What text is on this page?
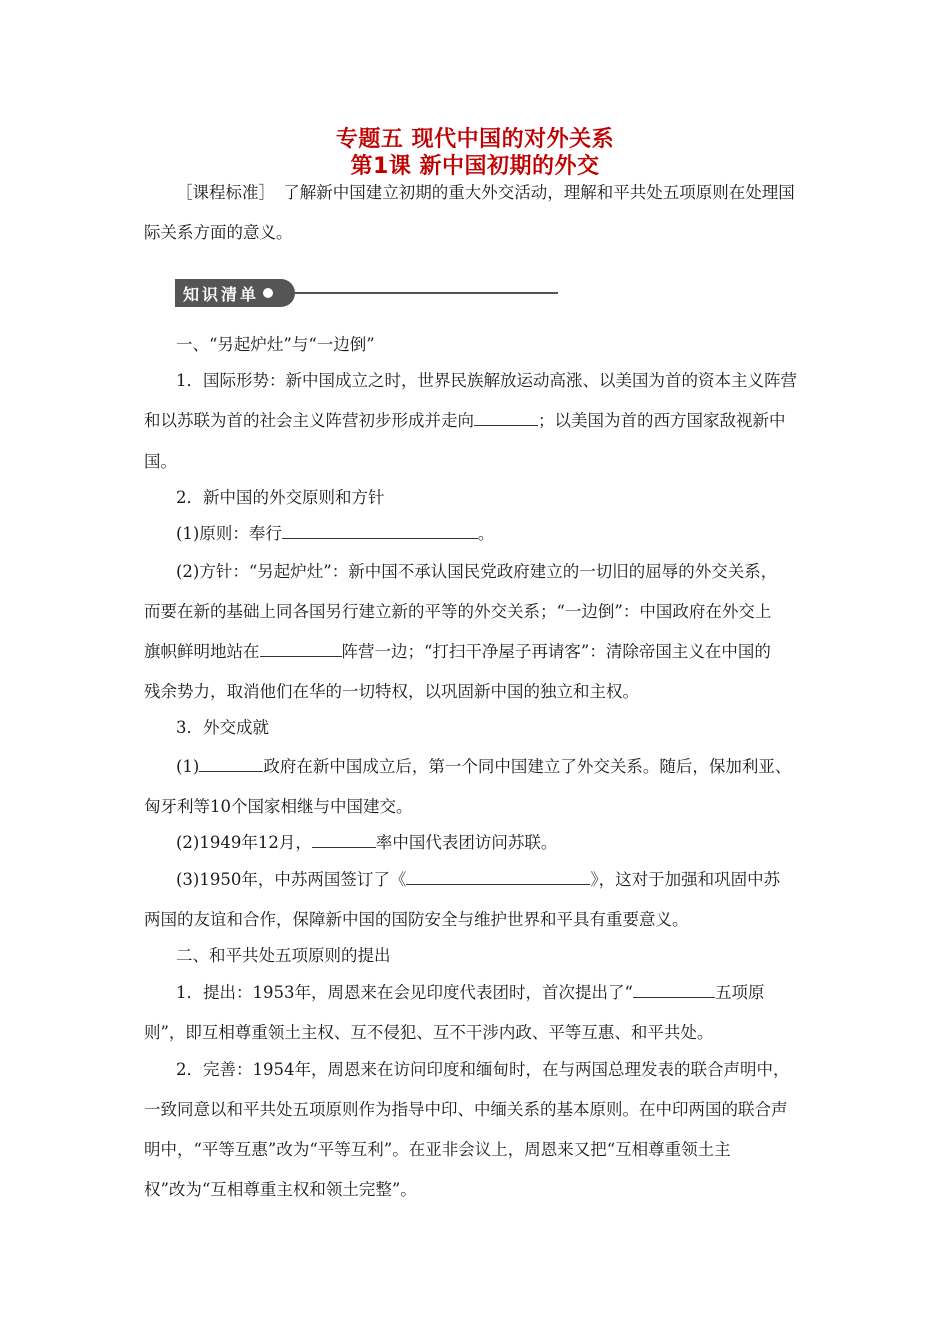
专题五 现代中国的对外关系
第1课 新中国初期的外交
［课程标准］　了解新中国建立初期的重大外交活动，理解和平共处五项原则在处理国
际关系方面的意义。
知识清单
一、“另起炉灶”与“一边倒”
1．国际形势：新中国成立之时，世界民族解放运动高涨、以美国为首的资本主义阵营
和以苏联为首的社会主义阵营初步形成并走向	；以美国为首的西方国家敌视新中
国。
2．新中国的外交原则和方针
(1)原则：奉行	。
(2)方针：“另起炉灶”：新中国不承认国民党政府建立的一切旧的屈辱的外交关系，
而要在新的基础上同各国另行建立新的平等的外交关系；“一边倒”：中国政府在外交上
旗帜鲜明地站在	阵营一边；“打扫干净屋子再请客”：清除帝国主义在中国的
残余势力，取消他们在华的一切特权，以巩固新中国的独立和主权。
3．外交成就
(1)	政府在新中国成立后，第一个同中国建立了外交关系。随后，保加利亚、
匈牙利等10个国家相继与中国建交。
(2)1949年12月，	率中国代表团访问苏联。
(3)1950年，中苏两国签订了《	》，这对于加强和巩固中苏
两国的友谊和合作，保障新中国的国防安全与维护世界和平具有重要意义。
二、和平共处五项原则的提出
1．提出：1953年，周恩来在会见印度代表团时，首次提出了“	五项原
则”，即互相尊重领土主权、互不侵犯、互不干涉内政、平等互惠、和平共处。
2．完善：1954年，周恩来在访问印度和缅甸时，在与两国总理发表的联合声明中，
一致同意以和平共处五项原则作为指导中印、中缅关系的基本原则。在中印两国的联合声
明中，“平等互惠”改为“平等互利”。在亚非会议上，周恩来又把“互相尊重领土主
权”改为“互相尊重主权和领土完整”。
